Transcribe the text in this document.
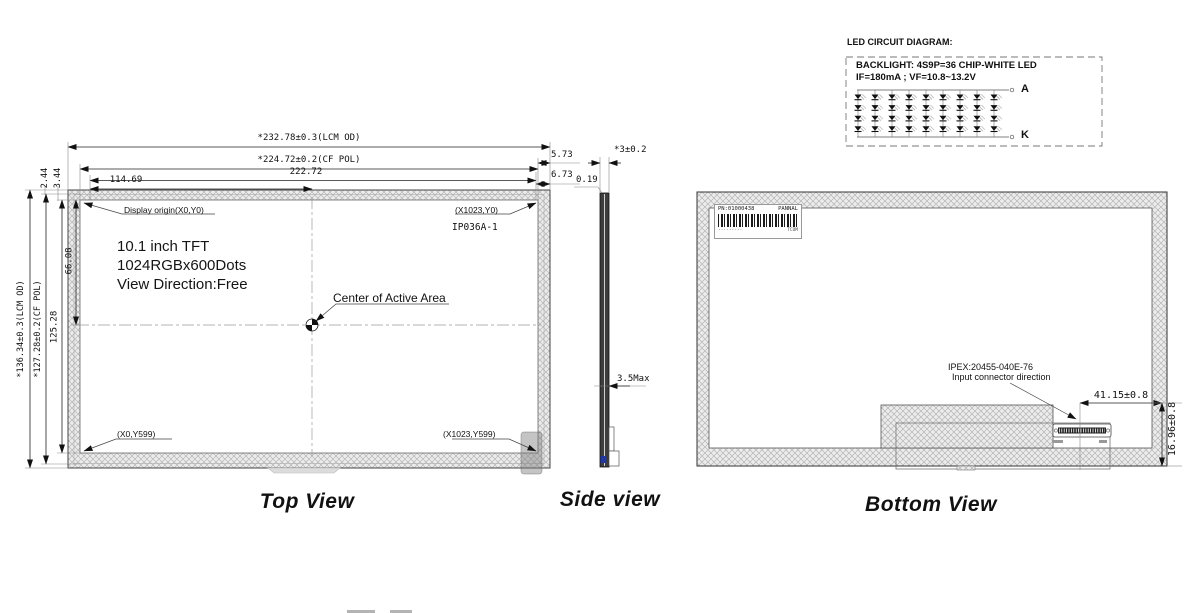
*232.78±0.3(LCM OD)
*224.72±0.2(CF POL)
222.72
114.69
5.73
6.73
*136.34±0.3(LCM OD) *127.28±0.2(CF POL) 125.28
66.08
2.44 3.44
Display origin(X0,Y0)	(X1023,Y0)
IP036A-1
10.1 inch TFT
1024RGBx600Dots
View Direction:Free
Center of Active Area
(X0,Y599)	(X1023,Y599)
Top View
*3±0.2
0.19
3.5Max
Side view
IPEX:20455-040E-76
Input connector direction
41.15±0.8
16.96±0.8
Bottom View
PN:01000438	PANNAL
·········	TCOM
LED CIRCUIT DIAGRAM:
BACKLIGHT: 4S9P=36 CHIP-WHITE LED
IF=180mA ; VF=10.8~13.2V
A
K
